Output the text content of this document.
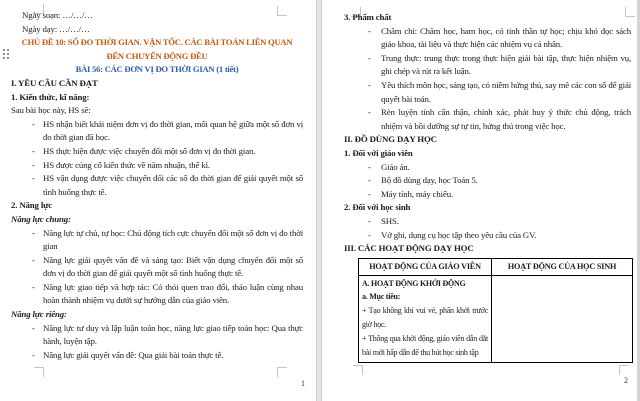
Ngày soạn: …/…/…

Ngày dạy: …/…/…

CHỦ ĐỀ 10: SỐ ĐO THỜI GIAN. VẬN TỐC. CÁC BÀI TOÁN LIÊN QUAN

ĐẾN CHUYỂN ĐỘNG ĐỀU

BÀI 56: CÁC ĐƠN VỊ ĐO THỜI GIAN (1 tiết)

I. YÊU CẦU CẦN ĐẠT

1. Kiến thức, kĩ năng:

Sau bài học này, HS sẽ:

- HS nhận biết khái niệm đơn vị đo thời gian, mối quan hệ giữa một số đơn vị đo thời gian đã học.
- HS thực hiện được việc chuyển đổi một số đơn vị đo thời gian.
- HS được củng cố kiến thức về năm nhuận, thế kỉ.
- HS vận dụng được việc chuyển đổi các số đo thời gian để giải quyết một số tình huống thực tế.

2. Năng lực

Năng lực chung:

- Năng lực tự chủ, tự học: Chủ động tích cực chuyển đổi một số đơn vị đo thời gian
- Năng lực giải quyết vấn đề và sáng tạo: Biết vận dụng chuyển đổi một số đơn vị đo thời gian để giải quyết một số tình huống thực tế.
- Năng lực giao tiếp và hợp tác: Có thói quen trao đổi, thảo luận cùng nhau hoàn thành nhiệm vụ dưới sự hướng dẫn của giáo viên.

Năng lực riêng:

- Năng lực tư duy và lập luận toán học, năng lực giao tiếp toán học: Qua thực hành, luyện tập.
- Năng lực giải quyết vấn đề: Qua giải bài toán thực tế.
1

3. Phẩm chất

-	Chăm chỉ: Chăm học, ham học, có tinh thần tự học; chịu khó đọc sách giáo khoa, tài liệu và thực hiện các nhiệm vụ cá nhân.
-	Trung thực: trung thực trong thực hiện giải bài tập, thực hiện nhiệm vụ, ghi chép và rút ra kết luận.
-	Yêu thích môn học, sáng tạo, có niềm hứng thú, say mê các con số để giải quyết bài toán.
-	Rèn luyện tính cẩn thận, chính xác, phát huy ý thức chủ động, trách nhiệm và bồi dưỡng sự tự tin, hứng thú trong việc học.

II. ĐỒ DÙNG DẠY HỌC

1. Đối với giáo viên

-	Giáo án.
-	Bộ đồ dùng dạy, học Toán 5.
-	Máy tính, máy chiếu.

2. Đối với học sinh

-	SHS.
-	Vở ghi, dụng cụ học tập theo yêu cầu của GV.

III. CÁC HOẠT ĐỘNG DẠY HỌC

HOẠT ĐỘNG CỦA GIÁO VIÊN	HOẠT ĐỘNG CỦA HỌC SINH

A. HOẠT ĐỘNG KHỞI ĐỘNG

a. Mục tiêu:

+ Tạo không khí vui vẻ, phấn khởi trước giờ học.

+ Thông qua khởi động, giáo viên dẫn dắt bài mới hấp dẫn để thu hút học sinh tập	

2
